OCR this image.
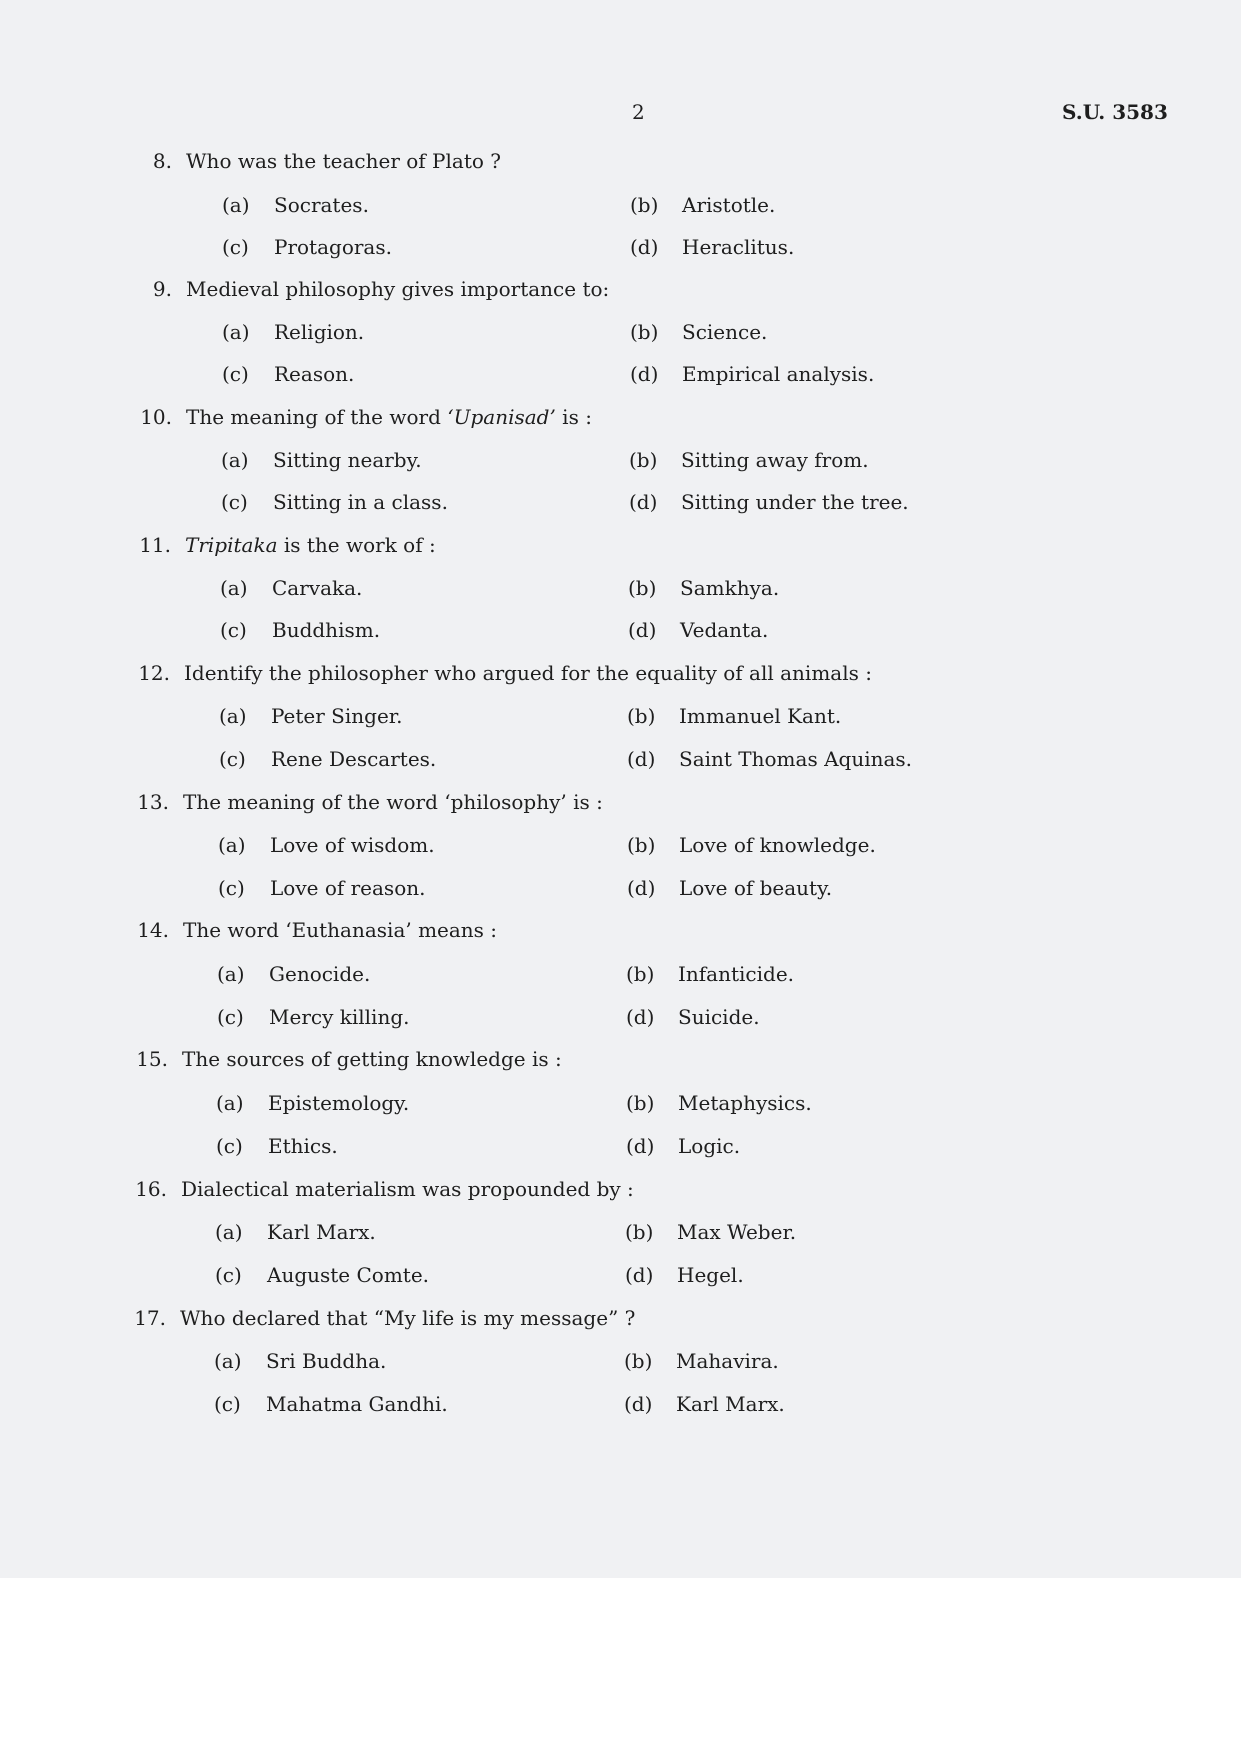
2	S.U. 3583
8. Who was the teacher of Plato ?
(a) Socrates.	(b) Aristotle.
(c) Protagoras.	(d) Heraclitus.
9. Medieval philosophy gives importance to:
(a) Religion.	(b) Science.
(c) Reason.	(d) Empirical analysis.
10. The meaning of the word ‘Upanisad’ is :
(a) Sitting nearby.	(b) Sitting away from.
(c) Sitting in a class.	(d) Sitting under the tree.
11. Tripitaka is the work of :
(a) Carvaka.	(b) Samkhya.
(c) Buddhism.	(d) Vedanta.
12. Identify the philosopher who argued for the equality of all animals :
(a) Peter Singer.	(b) Immanuel Kant.
(c) Rene Descartes.	(d) Saint Thomas Aquinas.
13. The meaning of the word ‘philosophy’ is :
(a) Love of wisdom.	(b) Love of knowledge.
(c) Love of reason.	(d) Love of beauty.
14. The word ‘Euthanasia’ means :
(a) Genocide.	(b) Infanticide.
(c) Mercy killing.	(d) Suicide.
15. The sources of getting knowledge is :
(a) Epistemology.	(b) Metaphysics.
(c) Ethics.	(d) Logic.
16. Dialectical materialism was propounded by :
(a) Karl Marx.	(b) Max Weber.
(c) Auguste Comte.	(d) Hegel.
17. Who declared that “My life is my message” ?
(a) Sri Buddha.	(b) Mahavira.
(c) Mahatma Gandhi.	(d) Karl Marx.
